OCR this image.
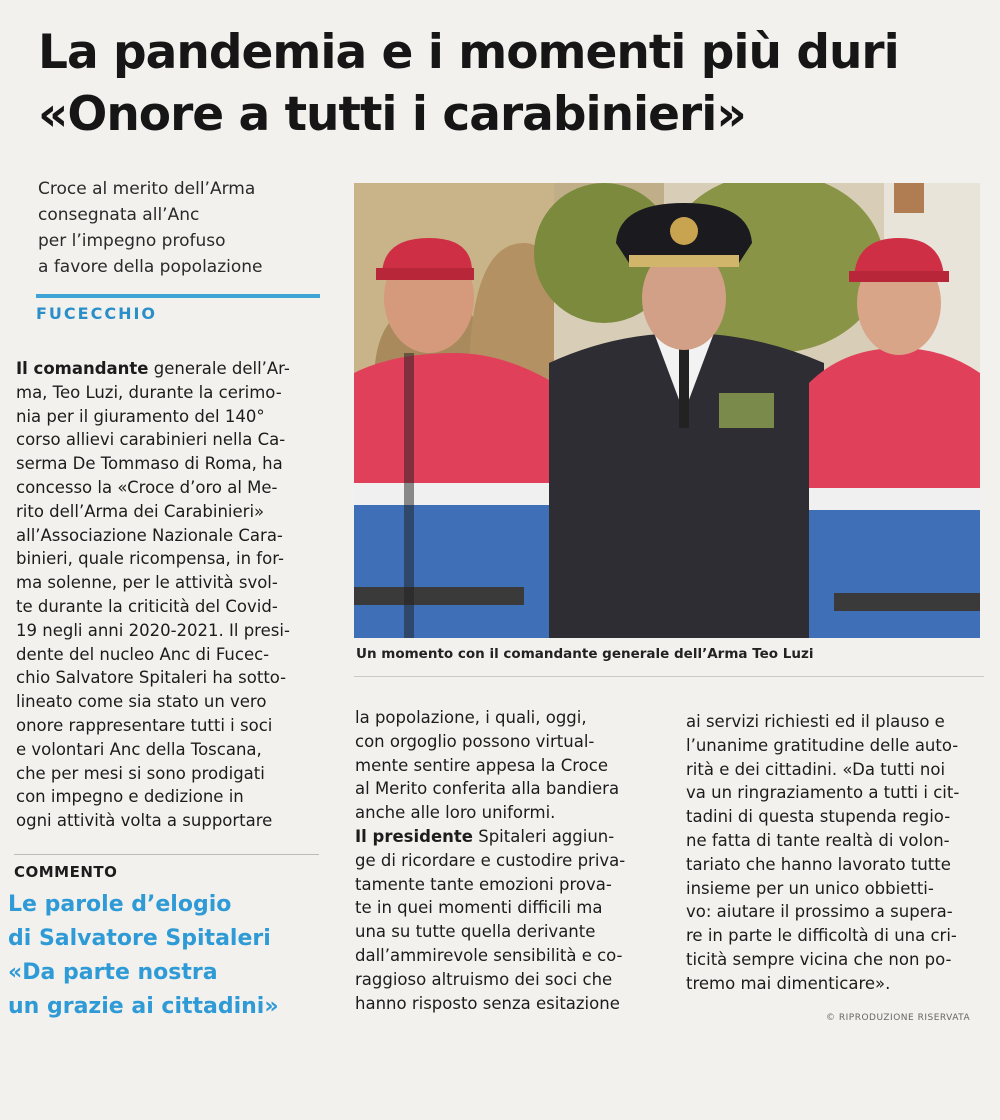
La pandemia e i momenti più duri
«Onore a tutti i carabinieri»
Croce al merito dell’Arma
consegnata all’Anc
per l’impegno profuso
a favore della popolazione
FUCECCHIO
Il comandante generale dell’Ar-
ma, Teo Luzi, durante la cerimo-
nia per il giuramento del 140°
corso allievi carabinieri nella Ca-
serma De Tommaso di Roma, ha
concesso la «Croce d’oro al Me-
rito dell’Arma dei Carabinieri»
all’Associazione Nazionale Cara-
binieri, quale ricompensa, in for-
ma solenne, per le attività svol-
te durante la criticità del Covid-
19 negli anni 2020-2021. Il presi-
dente del nucleo Anc di Fucec-
chio Salvatore Spitaleri ha sotto-
lineato come sia stato un vero
onore rappresentare tutti i soci
e volontari Anc della Toscana,
che per mesi si sono prodigati
con impegno e dedizione in
ogni attività volta a supportare
Un momento con il comandante generale dell’Arma Teo Luzi
la popolazione, i quali, oggi,
con orgoglio possono virtual-
mente sentire appesa la Croce
al Merito conferita alla bandiera
anche alle loro uniformi.
Il presidente Spitaleri aggiun-
ge di ricordare e custodire priva-
tamente tante emozioni prova-
te in quei momenti difficili ma
una su tutte quella derivante
dall’ammirevole sensibilità e co-
raggioso altruismo dei soci che
hanno risposto senza esitazione
ai servizi richiesti ed il plauso e
l’unanime gratitudine delle auto-
rità e dei cittadini. «Da tutti noi
va un ringraziamento a tutti i cit-
tadini di questa stupenda regio-
ne fatta di tante realtà di volon-
tariato che hanno lavorato tutte
insieme per un unico obbietti-
vo: aiutare il prossimo a supera-
re in parte le difficoltà di una cri-
ticità sempre vicina che non po-
tremo mai dimenticare».
COMMENTO
Le parole d’elogio
di Salvatore Spitaleri
«Da parte nostra
un grazie ai cittadini»	© RIPRODUZIONE RISERVATA
